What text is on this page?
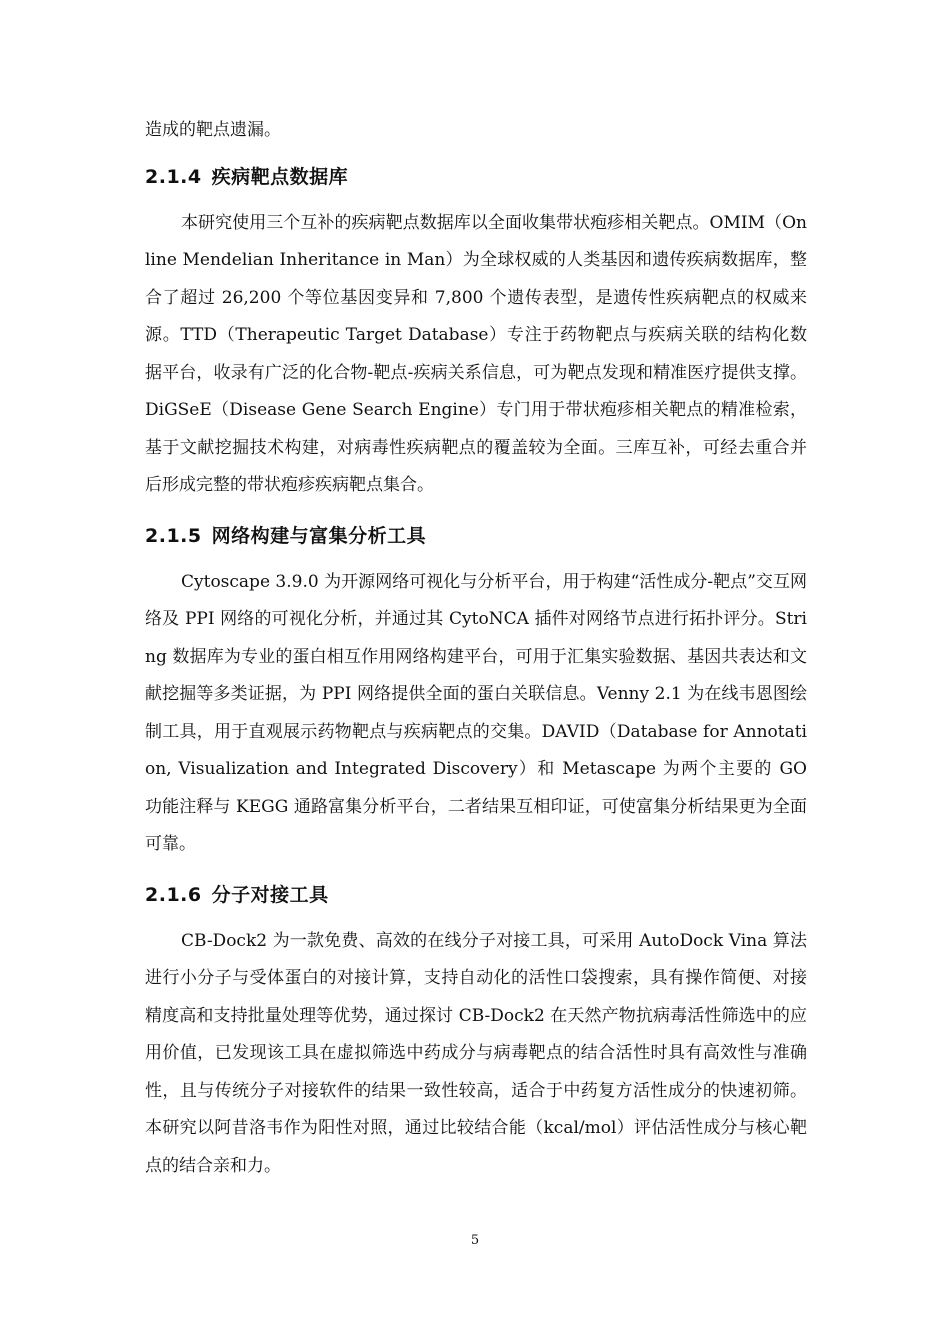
造成的靶点遗漏。

2.1.4 疾病靶点数据库

本研究使用三个互补的疾病靶点数据库以全面收集带状疱疹相关靶点。OMIM（Online Mendelian Inheritance in Man）为全球权威的人类基因和遗传疾病数据库，整合了超过 26,200 个等位基因变异和 7,800 个遗传表型，是遗传性疾病靶点的权威来源。TTD（Therapeutic Target Database）专注于药物靶点与疾病关联的结构化数据平台，收录有广泛的化合物-靶点-疾病关系信息，可为靶点发现和精准医疗提供支撑。DiGSeE（Disease Gene Search Engine）专门用于带状疱疹相关靶点的精准检索，基于文献挖掘技术构建，对病毒性疾病靶点的覆盖较为全面。三库互补，可经去重合并后形成完整的带状疱疹疾病靶点集合。

2.1.5 网络构建与富集分析工具

Cytoscape 3.9.0 为开源网络可视化与分析平台，用于构建“活性成分-靶点”交互网络及 PPI 网络的可视化分析，并通过其 CytoNCA 插件对网络节点进行拓扑评分。String 数据库为专业的蛋白相互作用网络构建平台，可用于汇集实验数据、基因共表达和文献挖掘等多类证据，为 PPI 网络提供全面的蛋白关联信息。Venny 2.1 为在线韦恩图绘制工具，用于直观展示药物靶点与疾病靶点的交集。DAVID（Database for Annotation, Visualization and Integrated Discovery）和 Metascape 为两个主要的 GO 功能注释与 KEGG 通路富集分析平台，二者结果互相印证，可使富集分析结果更为全面可靠。

2.1.6 分子对接工具

CB-Dock2 为一款免费、高效的在线分子对接工具，可采用 AutoDock Vina 算法进行小分子与受体蛋白的对接计算，支持自动化的活性口袋搜索，具有操作简便、对接精度高和支持批量处理等优势，通过探讨 CB-Dock2 在天然产物抗病毒活性筛选中的应用价值，已发现该工具在虚拟筛选中药成分与病毒靶点的结合活性时具有高效性与准确性，且与传统分子对接软件的结果一致性较高，适合于中药复方活性成分的快速初筛。本研究以阿昔洛韦作为阳性对照，通过比较结合能（kcal/mol）评估活性成分与核心靶点的结合亲和力。

5
